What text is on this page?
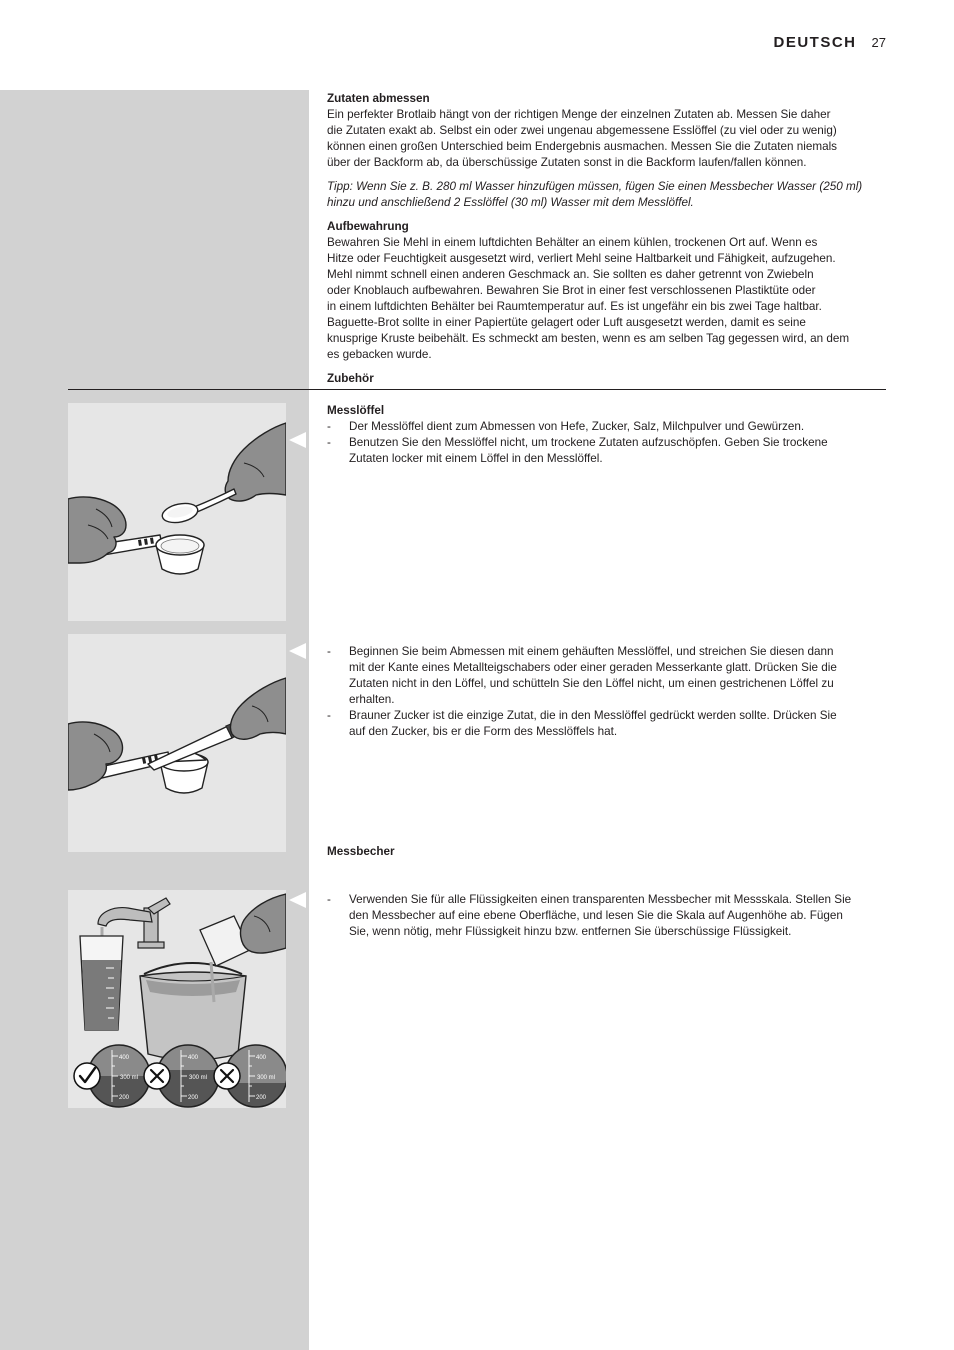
DEUTSCH 27
Zutaten abmessen
Ein perfekter Brotlaib hängt von der richtigen Menge der einzelnen Zutaten ab. Messen Sie daher
die Zutaten exakt ab. Selbst ein oder zwei ungenau abgemessene Esslöffel (zu viel oder zu wenig)
können einen großen Unterschied beim Endergebnis ausmachen. Messen Sie die Zutaten niemals
über der Backform ab, da überschüssige Zutaten sonst in die Backform laufen/fallen können.
Tipp: Wenn Sie z. B. 280 ml Wasser hinzufügen müssen, fügen Sie einen Messbecher Wasser (250 ml)
hinzu und anschließend 2 Esslöffel (30 ml) Wasser mit dem Messlöffel.
Aufbewahrung
Bewahren Sie Mehl in einem luftdichten Behälter an einem kühlen, trockenen Ort auf. Wenn es
Hitze oder Feuchtigkeit ausgesetzt wird, verliert Mehl seine Haltbarkeit und Fähigkeit, aufzugehen.
Mehl nimmt schnell einen anderen Geschmack an. Sie sollten es daher getrennt von Zwiebeln
oder Knoblauch aufbewahren. Bewahren Sie Brot in einer fest verschlossenen Plastiktüte oder
in einem luftdichten Behälter bei Raumtemperatur auf. Es ist ungefähr ein bis zwei Tage haltbar.
Baguette-Brot sollte in einer Papiertüte gelagert oder Luft ausgesetzt werden, damit es seine
knusprige Kruste beibehält. Es schmeckt am besten, wenn es am selben Tag gegessen wird, an dem
es gebacken wurde.
Zubehör
Messlöffel
- Der Messlöffel dient zum Abmessen von Hefe, Zucker, Salz, Milchpulver und Gewürzen.
- Benutzen Sie den Messlöffel nicht, um trockene Zutaten aufzuschöpfen. Geben Sie trockene
Zutaten locker mit einem Löffel in den Messlöffel.
- Beginnen Sie beim Abmessen mit einem gehäuften Messlöffel, und streichen Sie diesen dann
mit der Kante eines Metallteigschabers oder einer geraden Messerkante glatt. Drücken Sie die
Zutaten nicht in den Löffel, und schütteln Sie den Löffel nicht, um einen gestrichenen Löffel zu
erhalten.
- Brauner Zucker ist die einzige Zutat, die in den Messlöffel gedrückt werden sollte. Drücken Sie
auf den Zucker, bis er die Form des Messlöffels hat.
Messbecher
- Verwenden Sie für alle Flüssigkeiten einen transparenten Messbecher mit Messskala. Stellen Sie
den Messbecher auf eine ebene Oberfläche, und lesen Sie die Skala auf Augenhöhe ab. Fügen
Sie, wenn nötig, mehr Flüssigkeit hinzu bzw. entfernen Sie überschüssige Flüssigkeit.
400
300 ml
200
400
300 ml
200
400
300 ml
200
